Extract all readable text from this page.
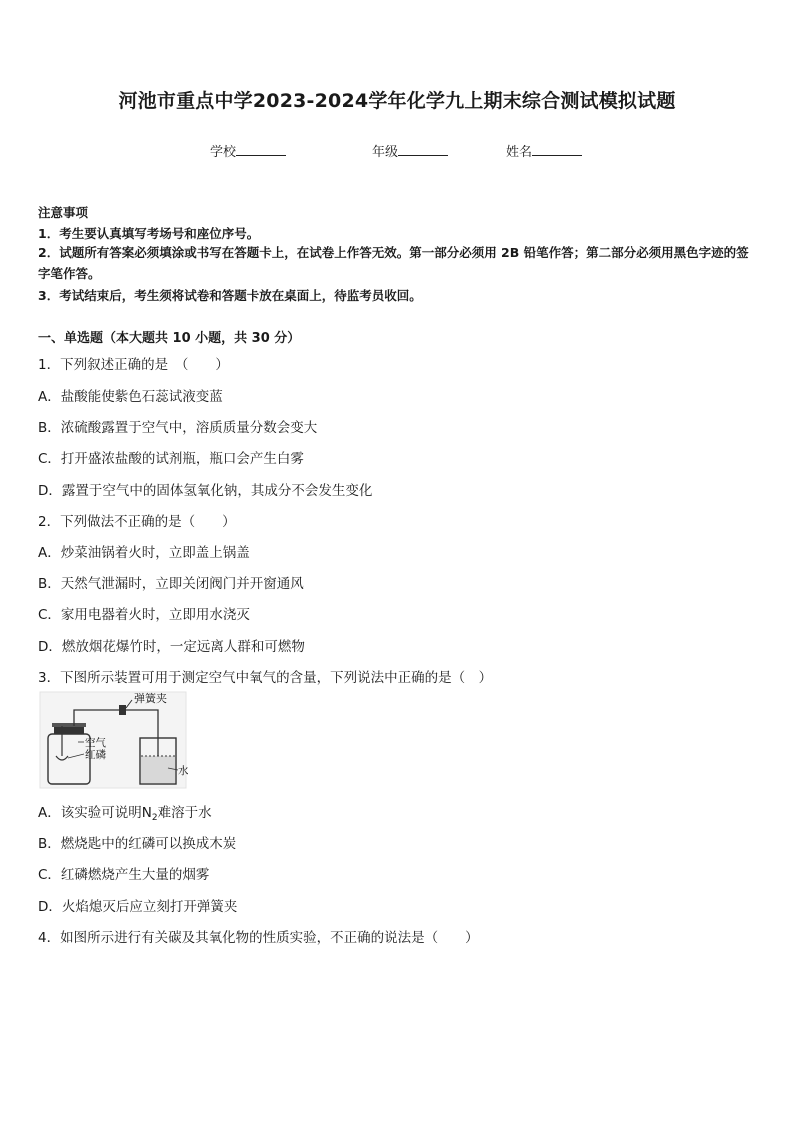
河池市重点中学2023-2024学年化学九上期末综合测试模拟试题
学校	年级	姓名
注意事项
1．考生要认真填写考场号和座位序号。
2．试题所有答案必须填涂或书写在答题卡上，在试卷上作答无效。第一部分必须用 2B 铅笔作答；第二部分必须用黑色字迹的签字笔作答。
3．考试结束后，考生须将试卷和答题卡放在桌面上，待监考员收回。
一、单选题（本大题共 10 小题，共 30 分）
1．下列叙述正确的是　（　　）
A．盐酸能使紫色石蕊试液变蓝
B．浓硫酸露置于空气中，溶质质量分数会变大
C．打开盛浓盐酸的试剂瓶，瓶口会产生白雾
D．露置于空气中的固体氢氧化钠，其成分不会发生变化
2．下列做法不正确的是（　　）
A．炒菜油锅着火时，立即盖上锅盖
B．天然气泄漏时，立即关闭阀门并开窗通风
C．家用电器着火时，立即用水浇灭
D．燃放烟花爆竹时，一定远离人群和可燃物
3．下图所示装置可用于测定空气中氧气的含量，下列说法中正确的是（　）
弹簧夹
空气
红磷
水
A．该实验可说明$N_2$难溶于水
B．燃烧匙中的红磷可以换成木炭
C．红磷燃烧产生大量的烟雾
D．火焰熄灭后应立刻打开弹簧夹
4．如图所示进行有关碳及其氧化物的性质实验，不正确的说法是（　　）
